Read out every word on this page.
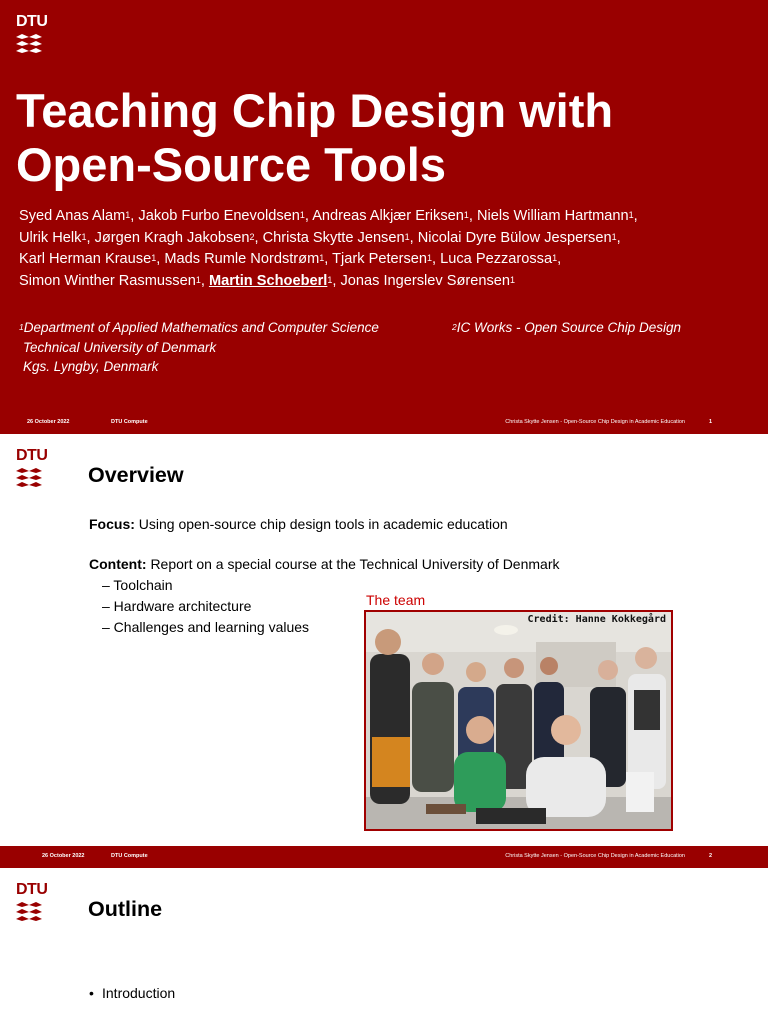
DTU
Teaching Chip Design with
Open-Source Tools
Syed Anas Alam$^1$, Jakob Furbo Enevoldsen$^1$, Andreas Alkjær Eriksen$^1$, Niels William Hartmann$^1$,
Ulrik Helk$^1$, Jørgen Kragh Jakobsen$^2$, Christa Skytte Jensen$^1$, Nicolai Dyre Bülow Jespersen$^1$,
Karl Herman Krause$^1$, Mads Rumle Nordstrøm$^1$, Tjark Petersen$^1$, Luca Pezzarossa$^1$,
Simon Winther Rasmussen$^1$, Martin Schoeberl$^1$, Jonas Ingerslev Sørensen$^1$
$^1$Department of Applied Mathematics and Computer Science
Technical University of Denmark
Kgs. Lyngby, Denmark
$^2$IC Works - Open Source Chip Design
26 October 2022	DTU Compute	Christa Skytte Jensen - Open-Source Chip Design in Academic Education	1
DTU
Overview

Focus: Using open-source chip design tools in academic education

Content: Report on a special course at the Technical University of Denmark

– Toolchain

– Hardware architecture

– Challenges and learning values

The team
Credit: Hanne Kokkegård
26 October 2022	DTU Compute	Christa Skytte Jensen - Open-Source Chip Design in Academic Education	2
DTU
Outline
• Introduction
